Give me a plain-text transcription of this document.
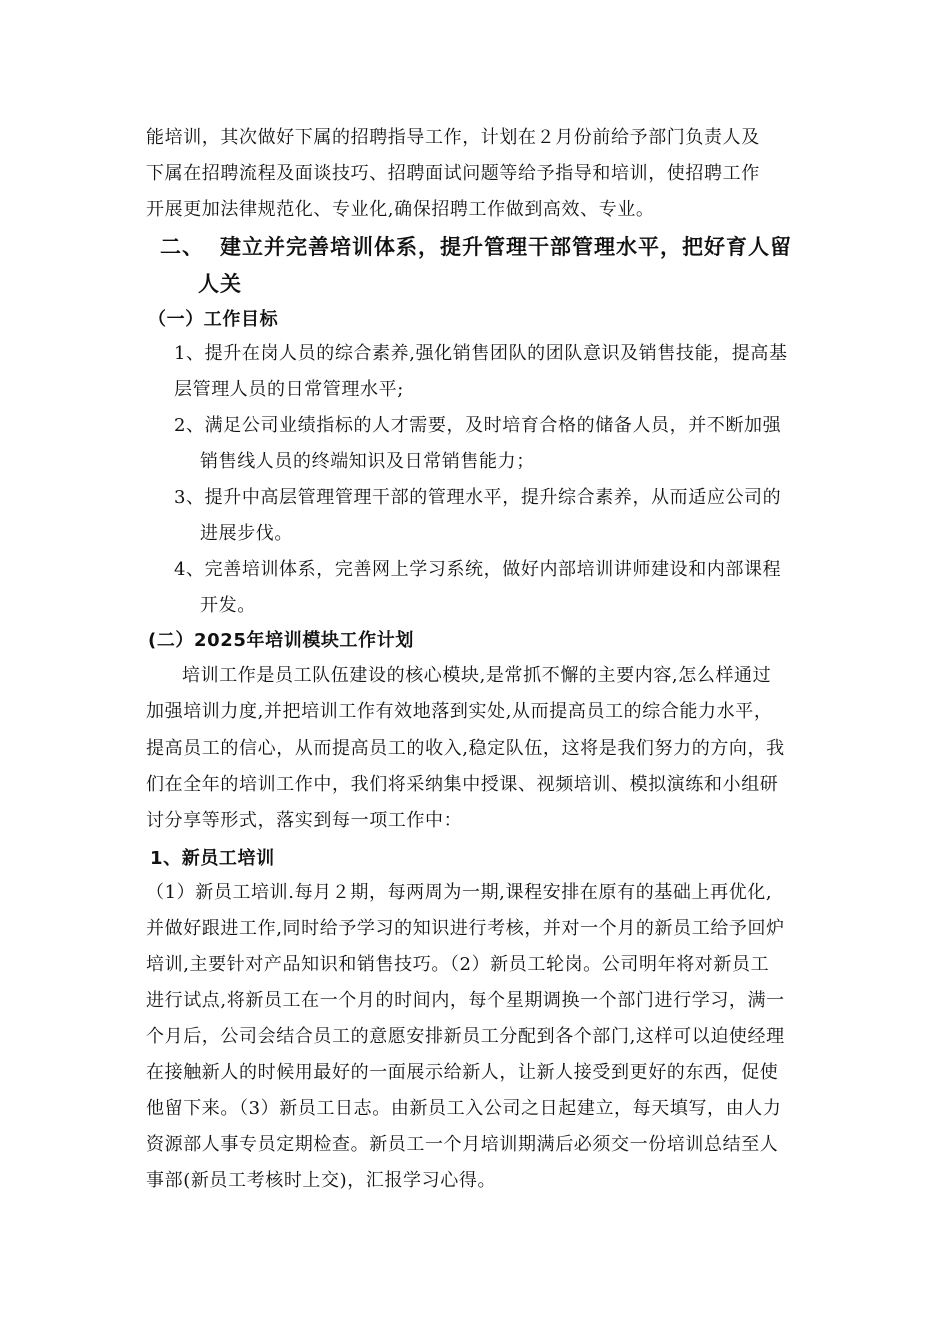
能培训，其次做好下属的招聘指导工作，计划在２月份前给予部门负责人及
下属在招聘流程及面谈技巧、招聘面试问题等给予指导和培训，使招聘工作
开展更加法律规范化、专业化,确保招聘工作做到高效、专业。
二、 建立并完善培训体系，提升管理干部管理水平，把好育人留
人关
（一）工作目标
1、提升在岗人员的综合素养,强化销售团队的团队意识及销售技能，提高基
层管理人员的日常管理水平;
2、满足公司业绩指标的人才需要，及时培育合格的储备人员，并不断加强
销售线人员的终端知识及日常销售能力；
3、提升中高层管理管理干部的管理水平，提升综合素养，从而适应公司的
进展步伐。
4、完善培训体系，完善网上学习系统，做好内部培训讲师建设和内部课程
开发。
(二）2025年培训模块工作计划
培训工作是员工队伍建设的核心模块,是常抓不懈的主要内容,怎么样通过
加强培训力度,并把培训工作有效地落到实处,从而提高员工的综合能力水平，
提高员工的信心，从而提高员工的收入,稳定队伍，这将是我们努力的方向，我
们在全年的培训工作中，我们将采纳集中授课、视频培训、模拟演练和小组研
讨分享等形式，落实到每一项工作中：
1、新员工培训
（1）新员工培训.每月２期，每两周为一期,课程安排在原有的基础上再优化,
并做好跟进工作,同时给予学习的知识进行考核，并对一个月的新员工给予回炉
培训,主要针对产品知识和销售技巧。（2）新员工轮岗。公司明年将对新员工
进行试点,将新员工在一个月的时间内，每个星期调换一个部门进行学习，满一
个月后，公司会结合员工的意愿安排新员工分配到各个部门,这样可以迫使经理
在接触新人的时候用最好的一面展示给新人，让新人接受到更好的东西，促使
他留下来。（3）新员工日志。由新员工入公司之日起建立，每天填写，由人力
资源部人事专员定期检查。新员工一个月培训期满后必须交一份培训总结至人
事部(新员工考核时上交)，汇报学习心得。
